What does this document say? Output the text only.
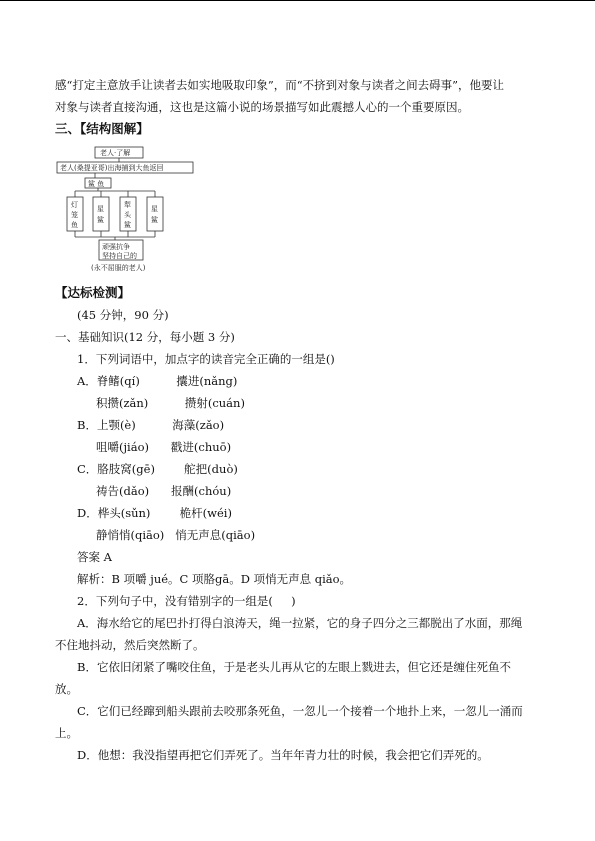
感“打定主意放手让读者去如实地吸取印象”，而“不挤到对象与读者之间去碍事”，他要让
对象与读者直接沟通，这也是这篇小说的场景描写如此震撼人心的一个重要原因。
三、【结构图解】
老人·了解
老人(桑提亚哥)出海捕到大鱼返回
鲨 鱼
灯笼鱼
星鲨
犁头鲨
星鲨
顽强抗争
坚持自己的
(永不屈服的老人)
【达标检测】
(45 分钟，90 分)
一、基础知识(12 分，每小题 3 分)
1．下列词语中，加点字的读音完全正确的一组是()
A．脊鳍(qí)          攮进(nǎng)
积攒(zǎn)          攒射(cuán)
B．上颚(è)          海藻(zǎo)
咀嚼(jiáo)      戳进(chuō)
C．胳肢窝(gē)        舵把(duò)
祷告(dǎo)      报酬(chóu)
D．桦头(sǔn)        桅杆(wéi)
静悄悄(qiāo)   悄无声息(qiāo)
答案 A
解析：B 项嚼 jué。C 项胳gā。D 项悄无声息 qiǎo。
2．下列句子中，没有错别字的一组是(     )
A．海水给它的尾巴扑打得白浪涛天，绳一拉紧，它的身子四分之三都脱出了水面，那绳
不住地抖动，然后突然断了。
B．它依旧闭紧了嘴咬住鱼，于是老头儿再从它的左眼上戮进去，但它还是缠住死鱼不
放。
C．它们已经蹿到船头跟前去咬那条死鱼，一忽儿一个接着一个地扑上来，一忽儿一涌而
上。
D．他想：我没指望再把它们弄死了。当年年青力壮的时候，我会把它们弄死的。
